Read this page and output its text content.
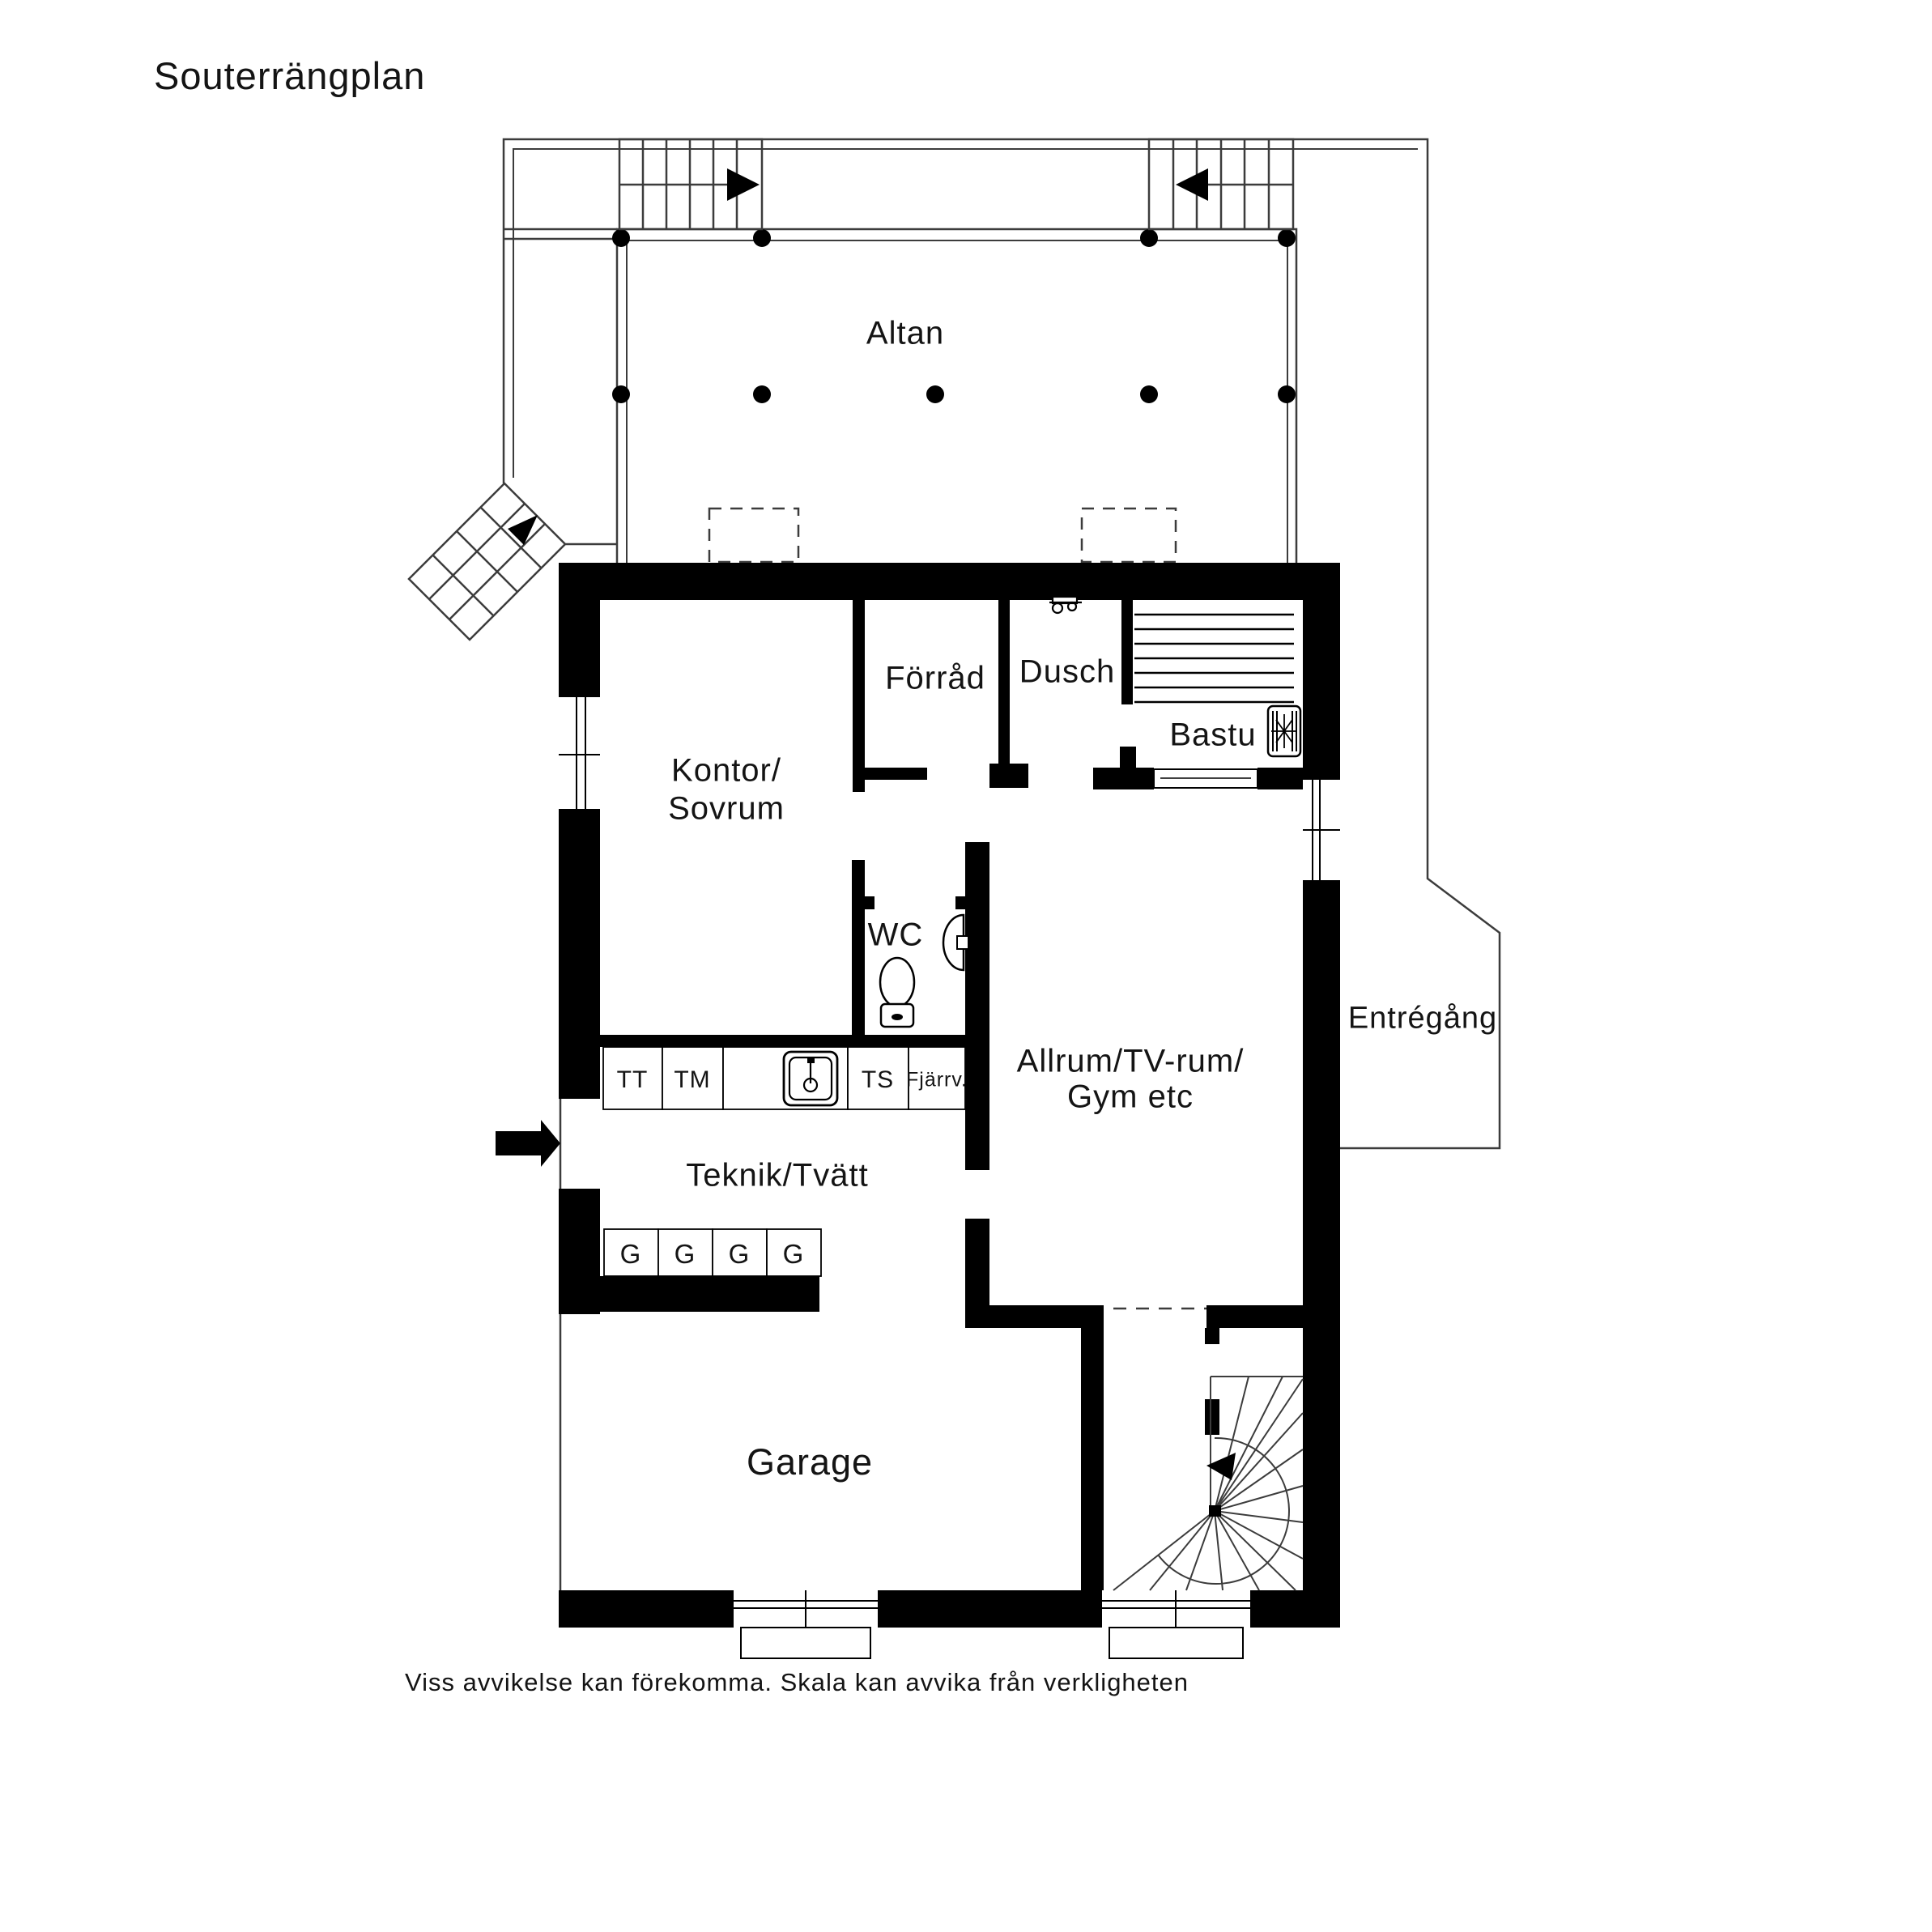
Souterrängplan
Altan
Kontor/
Sovrum
Förråd Dusch
Bastu
WC
Allrum/TV-rum/
Gym etc
Entrégång
Teknik/Tvätt
Garage
TT TM	TS Fjärrv.
G G G G
Viss avvikelse kan förekomma. Skala kan avvika från verkligheten
